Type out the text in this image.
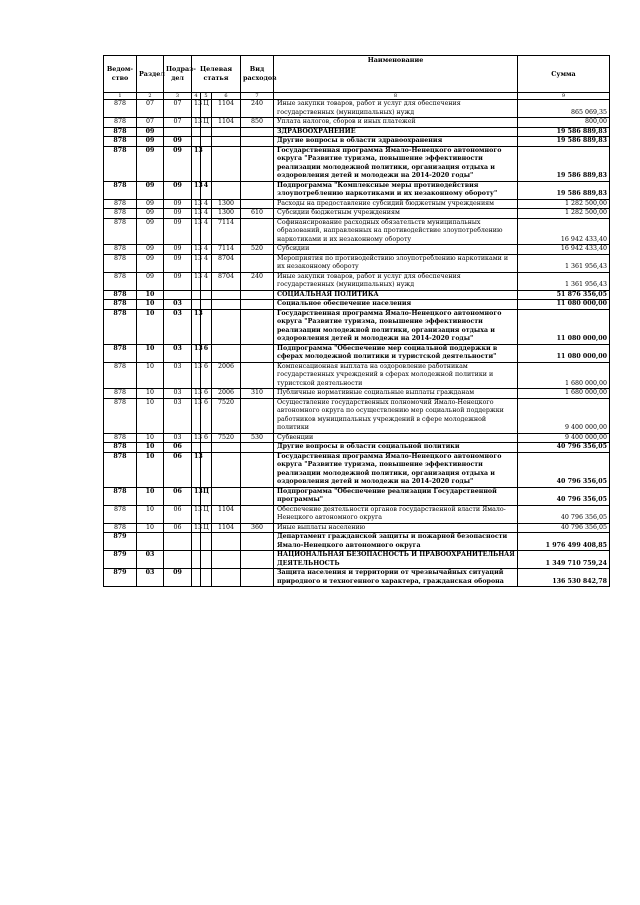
Ведом-ство	Раздел	Подраз-дел	Целевая статья			Вид расходов	Наименование	Сумма
1	2	3	4	5	6	7	8	9
878	07	07	13	Ц	1104	240	Иные закупки товаров, работ и услуг для обеспечения государственных (муниципальных) нужд	865 069,35
878	07	07	13	Ц	1104	850	Уплата налогов, сборов и иных платежей	800,00
878	09						ЗДРАВООХРАНЕНИЕ	19 586 889,83
878	09	09					Другие вопросы в области здравоохранения	19 586 889,83
878	09	09	13				Государственная программа Ямало-Ненецкого автономного округа "Развитие туризма, повышение эффективности реализации молодежной политики, организация отдыха и оздоровления детей и молодежи на 2014-2020 годы"	19 586 889,83
878	09	09	13	4			Подпрограмма "Комплексные меры противодействия злоупотреблению наркотиками и их незаконному обороту"	19 586 889,83
878	09	09	13	4	1300		Расходы на предоставление субсидий бюджетным учреждениям	1 282 500,00
878	09	09	13	4	1300	610	Субсидии бюджетным учреждениям	1 282 500,00
878	09	09	13	4	7114		Софинансирование расходных обязательств муниципальных образований, направленных на противодействие злоупотреблению наркотиками и их незаконному обороту	16 942 433,40
878	09	09	13	4	7114	520	Субсидии	16 942 433,40
878	09	09	13	4	8704		Мероприятия по противодействию злоупотреблению наркотиками и их незаконному обороту	1 361 956,43
878	09	09	13	4	8704	240	Иные закупки товаров, работ и услуг для обеспечения государственных (муниципальных) нужд	1 361 956,43
878	10						СОЦИАЛЬНАЯ ПОЛИТИКА	51 876 356,05
878	10	03					Социальное обеспечение населения	11 080 000,00
878	10	03	13				Государственная программа Ямало-Ненецкого автономного округа "Развитие туризма, повышение эффективности реализации молодежной политики, организация отдыха и оздоровления детей и молодежи на 2014-2020 годы"	11 080 000,00
878	10	03	13	6			Подпрограмма "Обеспечение мер социальной поддержки в сферах молодежной политики и туристской деятельности"	11 080 000,00
878	10	03	13	6	2006		Компенсационная выплата на оздоровление работникам государственных учреждений в сферах молодежной политики и туристской деятельности	1 680 000,00
878	10	03	13	6	2006	310	Публичные нормативные социальные выплаты гражданам	1 680 000,00
878	10	03	13	6	7520		Осуществление государственных полномочий Ямало-Ненецкого автономного округа по осуществлению мер социальной поддержки работников муниципальных учреждений в сфере молодежной политики	9 400 000,00
878	10	03	13	6	7520	530	Субвенции	9 400 000,00
878	10	06					Другие вопросы в области социальной политики	40 796 356,05
878	10	06	13				Государственная программа Ямало-Ненецкого автономного округа "Развитие туризма, повышение эффективности реализации молодежной политики, организация отдыха и оздоровления детей и молодежи на 2014-2020 годы"	40 796 356,05
878	10	06	13	Ц			Подпрограмма "Обеспечение реализации Государственной программы"	40 796 356,05
878	10	06	13	Ц	1104		Обеспечение деятельности органов государственной власти Ямало-Ненецкого автономного округа	40 796 356,05
878	10	06	13	Ц	1104	360	Иные выплаты населению	40 796 356,05
879							Департамент гражданской защиты и пожарной безопасности Ямало-Ненецкого автономного округа	1 976 499 408,85
879	03						НАЦИОНАЛЬНАЯ БЕЗОПАСНОСТЬ И ПРАВООХРАНИТЕЛЬНАЯ ДЕЯТЕЛЬНОСТЬ	1 349 710 759,24
879	03	09					Защита населения и территории от чрезвычайных ситуаций природного и техногенного характера, гражданская оборона	136 530 842,78
